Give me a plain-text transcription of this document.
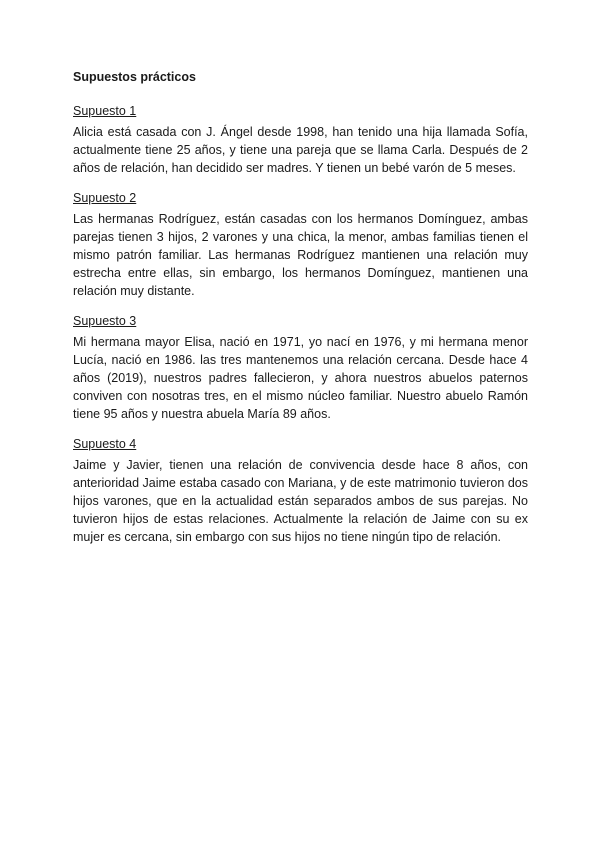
Supuestos prácticos

Supuesto 1

Alicia está casada con J. Ángel desde 1998, han tenido una hija llamada Sofía, actualmente tiene 25 años, y tiene una pareja que se llama Carla. Después de 2 años de relación, han decidido ser madres. Y tienen un bebé varón de 5 meses.

Supuesto 2

Las hermanas Rodríguez, están casadas con los hermanos Domínguez, ambas parejas tienen 3 hijos, 2 varones y una chica, la menor, ambas familias tienen el mismo patrón familiar. Las hermanas Rodríguez mantienen una relación muy estrecha entre ellas, sin embargo, los hermanos Domínguez, mantienen una relación muy distante.

Supuesto 3

Mi hermana mayor Elisa, nació en 1971, yo nací en 1976, y mi hermana menor Lucía, nació en 1986. las tres mantenemos una relación cercana. Desde hace 4 años (2019), nuestros padres fallecieron, y ahora nuestros abuelos paternos conviven con nosotras tres, en el mismo núcleo familiar. Nuestro abuelo Ramón tiene 95 años y nuestra abuela María 89 años.

Supuesto 4

Jaime y Javier, tienen una relación de convivencia desde hace 8 años, con anterioridad Jaime estaba casado con Mariana, y de este matrimonio tuvieron dos hijos varones, que en la actualidad están separados ambos de sus parejas. No tuvieron hijos de estas relaciones. Actualmente la relación de Jaime con su ex mujer es cercana, sin embargo con sus hijos no tiene ningún tipo de relación.
